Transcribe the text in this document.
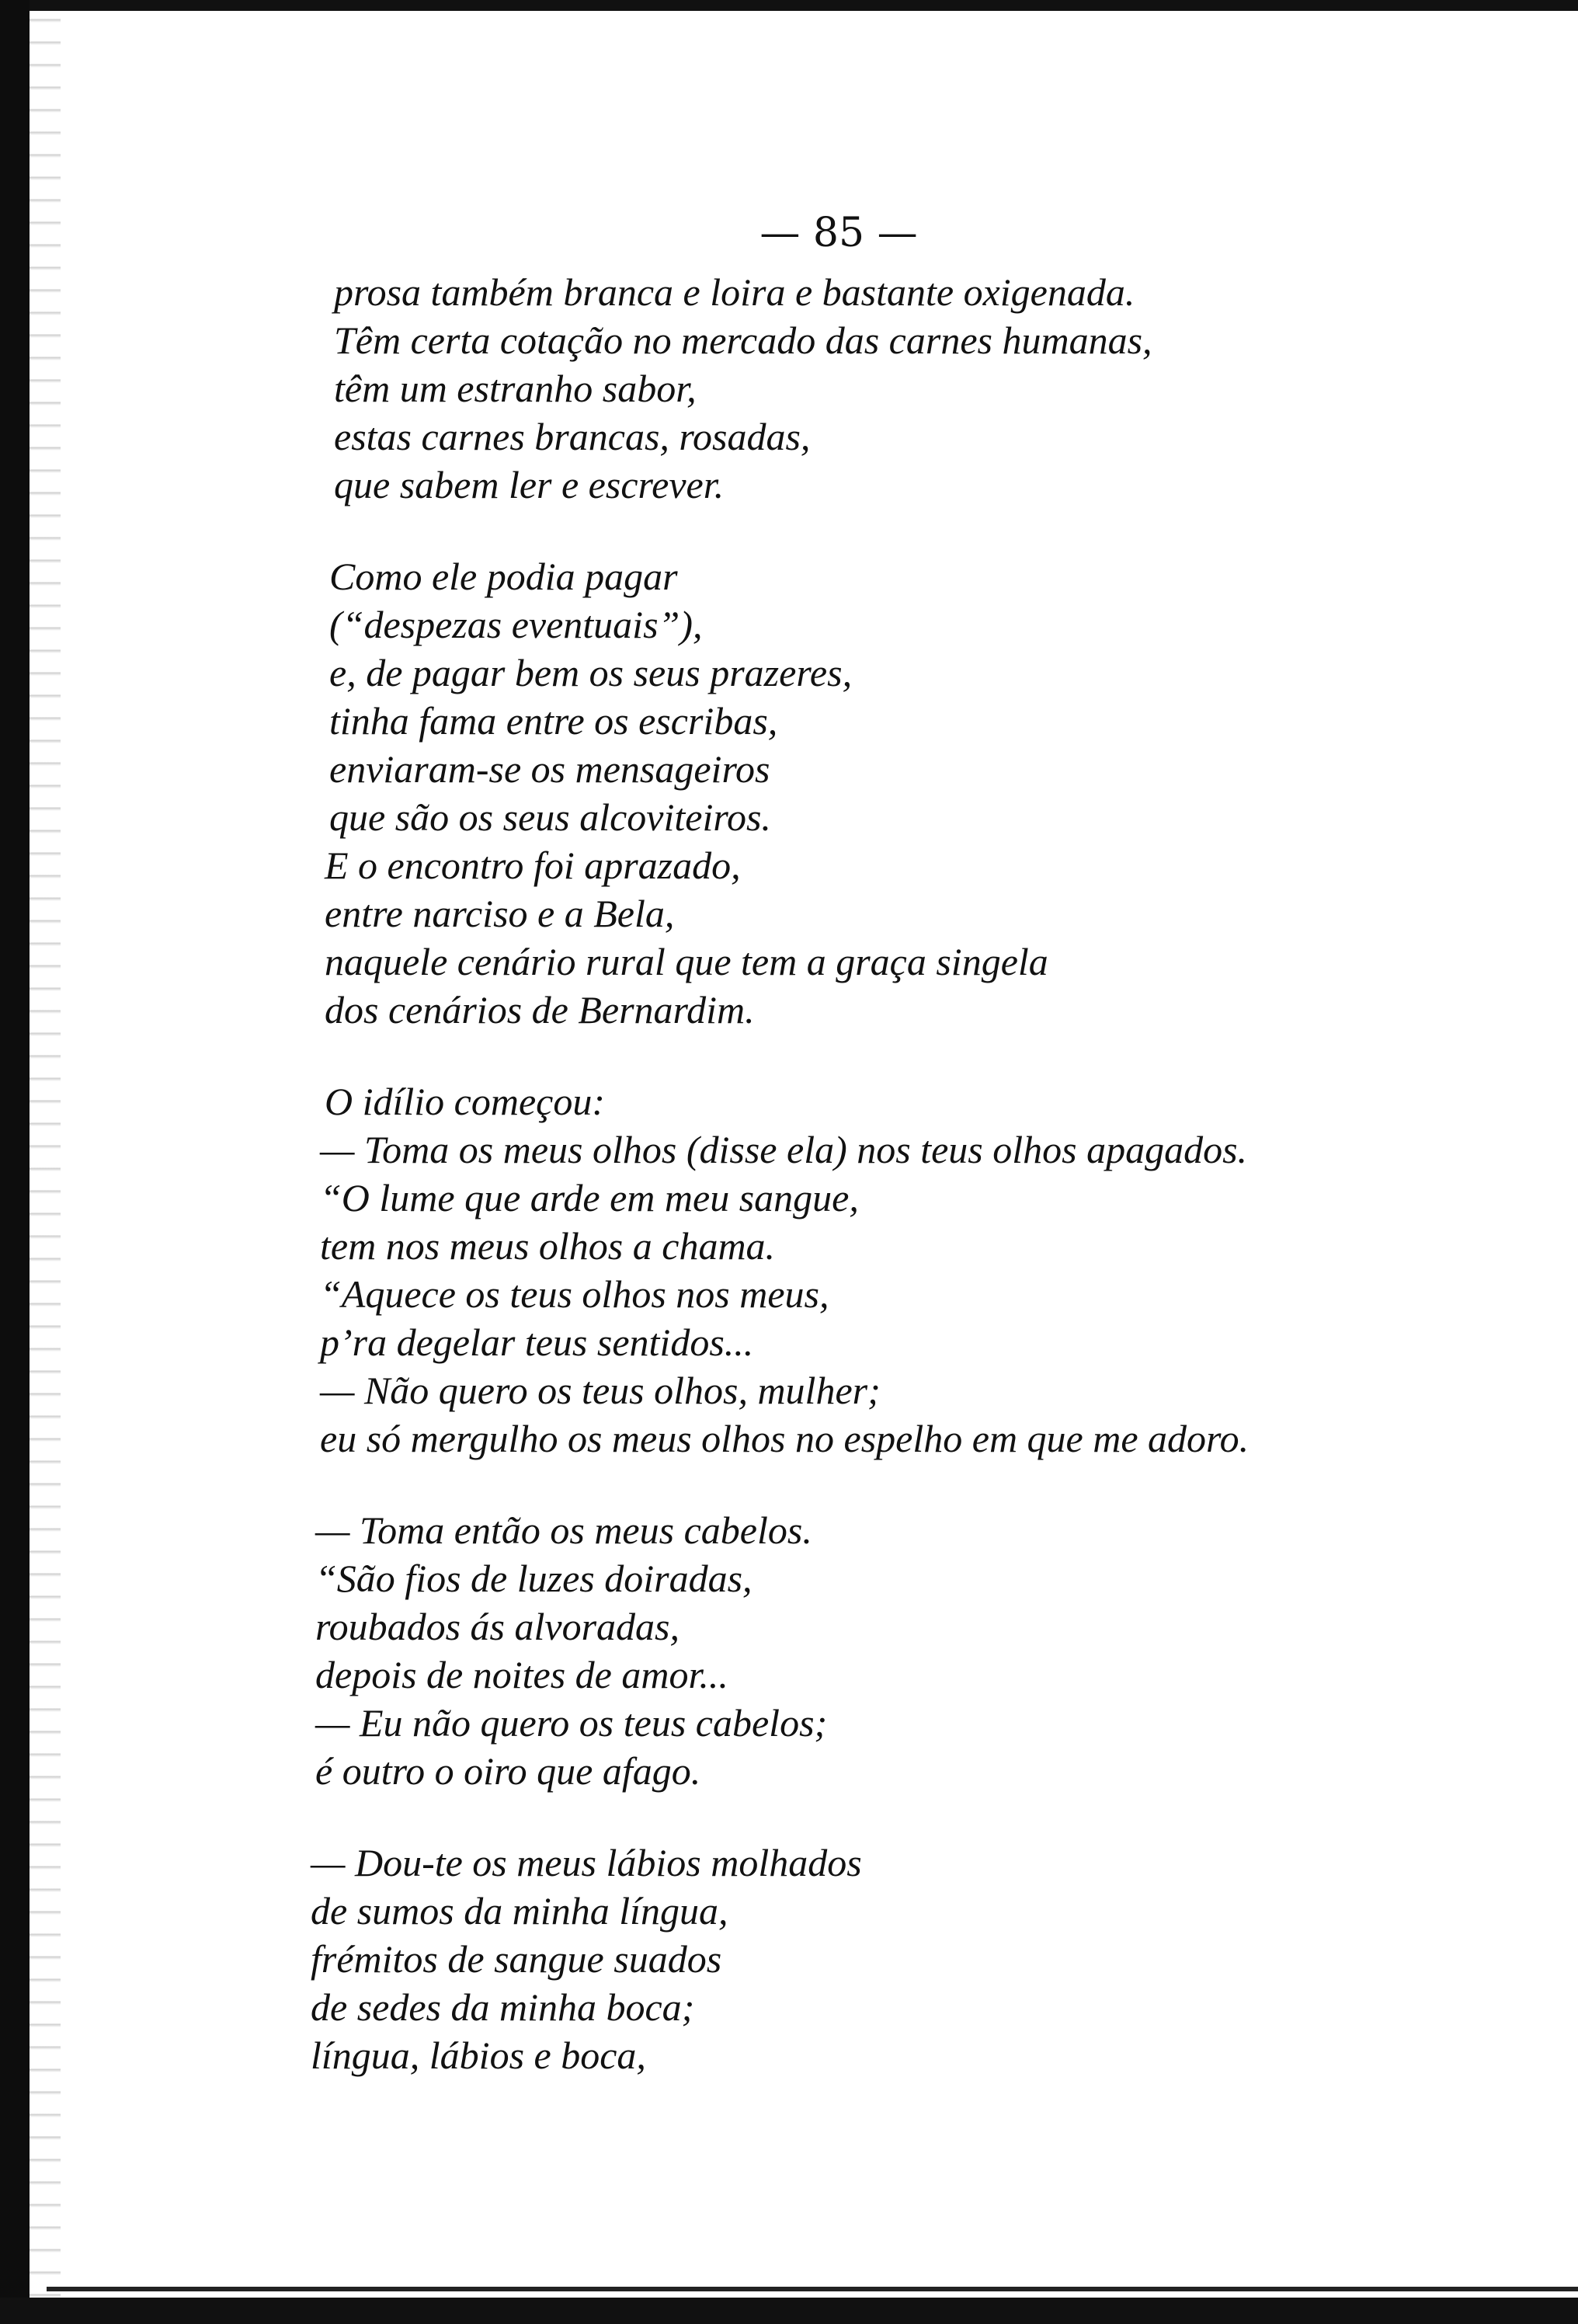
— 85 —
prosa também branca e loira e bastante oxigenada.
Têm certa cotação no mercado das carnes humanas,
têm um estranho sabor,
estas carnes brancas, rosadas,
que sabem ler e escrever.
Como ele podia pagar
(“despezas eventuais”),
e, de pagar bem os seus prazeres,
tinha fama entre os escribas,
enviaram-se os mensageiros
que são os seus alcoviteiros.
E o encontro foi aprazado,
entre narciso e a Bela,
naquele cenário rural que tem a graça singela
dos cenários de Bernardim.
O idílio começou:
— Toma os meus olhos (disse ela) nos teus olhos apagados.
“O lume que arde em meu sangue,
tem nos meus olhos a chama.
“Aquece os teus olhos nos meus,
p’ra degelar teus sentidos...
— Não quero os teus olhos, mulher;
eu só mergulho os meus olhos no espelho em que me adoro.
— Toma então os meus cabelos.
“São fios de luzes doiradas,
roubados ás alvoradas,
depois de noites de amor...
— Eu não quero os teus cabelos;
é outro o oiro que afago.
— Dou-te os meus lábios molhados
de sumos da minha língua,
frémitos de sangue suados
de sedes da minha boca;
língua, lábios e boca,
